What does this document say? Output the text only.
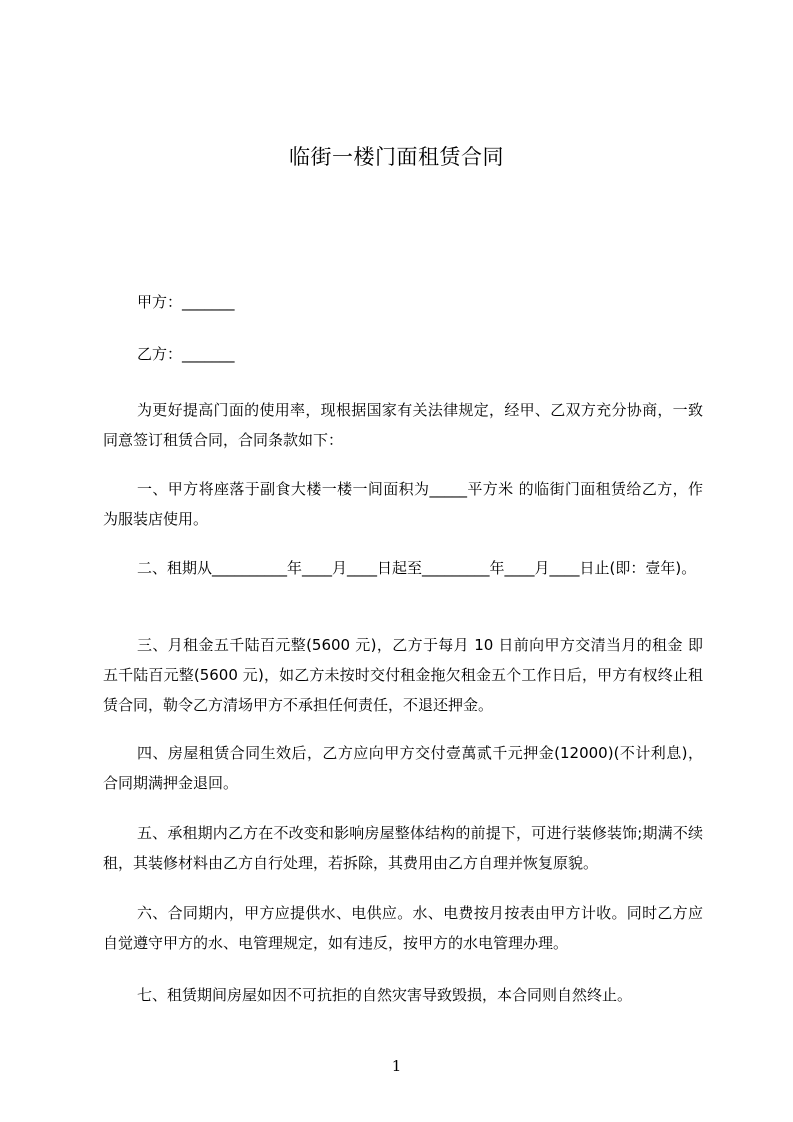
临街一楼门面租赁合同
甲方：_______
乙方：_______
为更好提高门面的使用率，现根据国家有关法律规定，经甲、乙双方充分协商，一致同意签订租赁合同，合同条款如下：
一、甲方将座落于副食大楼一楼一间面积为_____平方米 的临街门面租赁给乙方，作为服装店使用。
二、租期从__________年____月____日起至_________年____月____日止(即：壹年)。
三、月租金五千陆百元整(5600 元)，乙方于每月 10 日前向甲方交清当月的租金 即五千陆百元整(5600 元)，如乙方未按时交付租金拖欠租金五个工作日后，甲方有杈终止租赁合同，勒令乙方清场甲方不承担任何责任，不退还押金。
四、房屋租赁合同生效后，乙方应向甲方交付壹萬贰千元押金(12000)(不计利息)，合同期满押金退回。
五、承租期内乙方在不改变和影响房屋整体结构的前提下，可进行装修装饰;期满不续租，其装修材料由乙方自行处理，若拆除，其费用由乙方自理并恢复原貌。
六、合同期内，甲方应提供水、电供应。水、电费按月按表由甲方计收。同时乙方应自觉遵守甲方的水、电管理规定，如有违反，按甲方的水电管理办理。
七、租赁期间房屋如因不可抗拒的自然灾害导致毁损，本合同则自然终止。
1
